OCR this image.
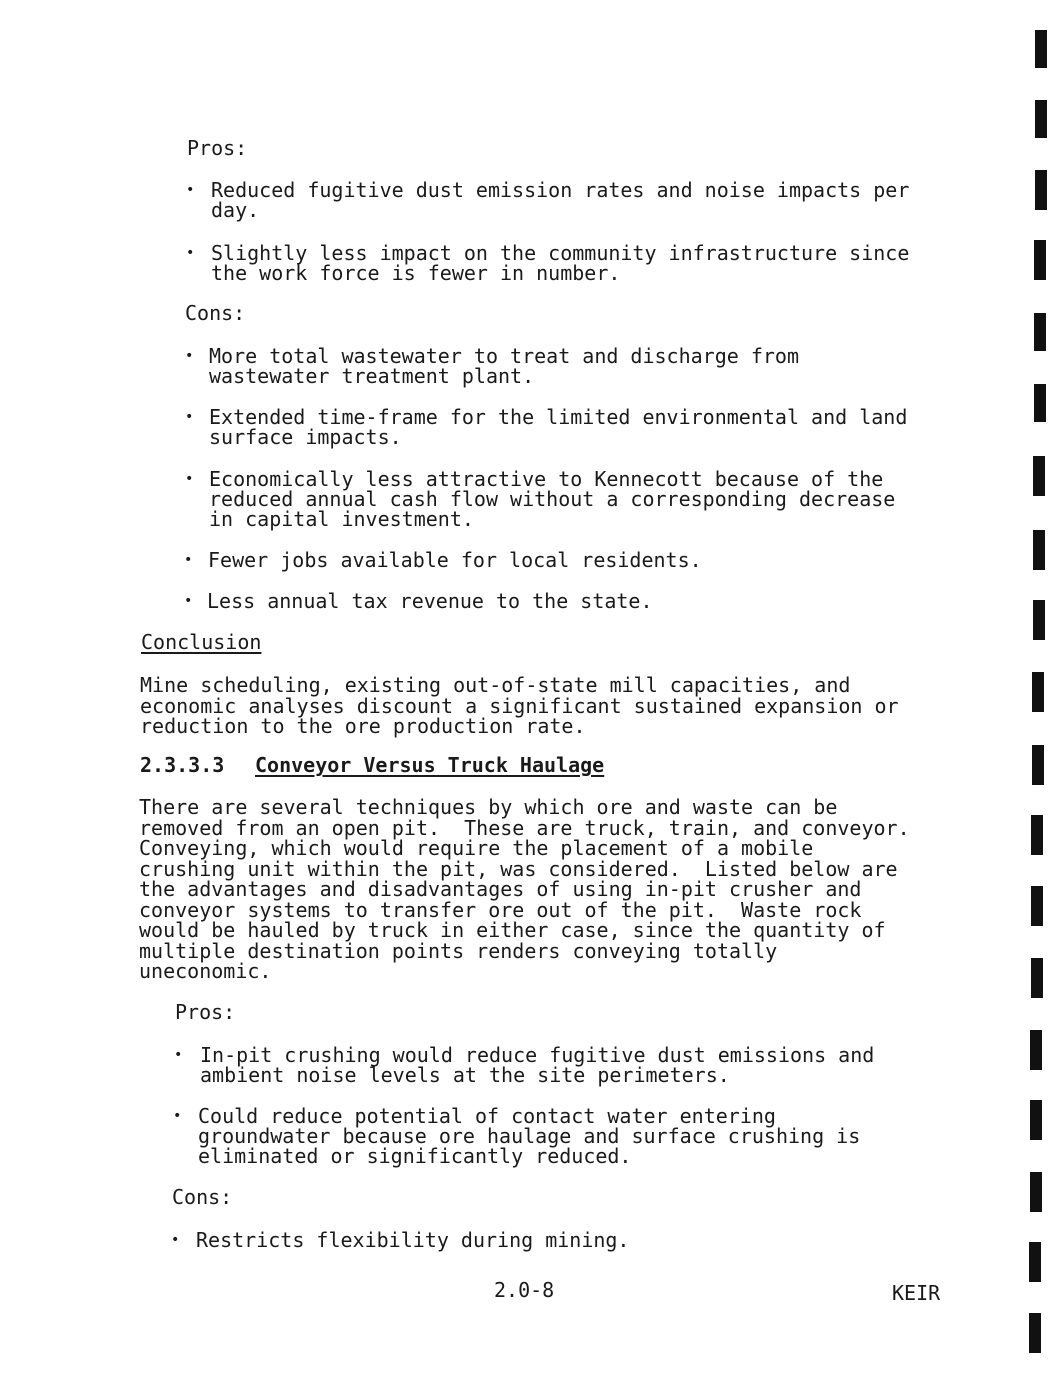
Pros:
• Reduced fugitive dust emission rates and noise impacts per
day.
• Slightly less impact on the community infrastructure since
the work force is fewer in number.
Cons:
• More total wastewater to treat and discharge from
wastewater treatment plant.
• Extended time-frame for the limited environmental and land
surface impacts.
• Economically less attractive to Kennecott because of the
reduced annual cash flow without a corresponding decrease
in capital investment.
• Fewer jobs available for local residents.
• Less annual tax revenue to the state.
Conclusion
Mine scheduling, existing out-of-state mill capacities, and
economic analyses discount a significant sustained expansion or
reduction to the ore production rate.
2.3.3.3 Conveyor Versus Truck Haulage
There are several techniques by which ore and waste can be
removed from an open pit.  These are truck, train, and conveyor.
Conveying, which would require the placement of a mobile
crushing unit within the pit, was considered.  Listed below are
the advantages and disadvantages of using in-pit crusher and
conveyor systems to transfer ore out of the pit.  Waste rock
would be hauled by truck in either case, since the quantity of
multiple destination points renders conveying totally
uneconomic.
Pros:
• In-pit crushing would reduce fugitive dust emissions and
ambient noise levels at the site perimeters.
• Could reduce potential of contact water entering
groundwater because ore haulage and surface crushing is
eliminated or significantly reduced.
Cons:
• Restricts flexibility during mining.
2.0-8	KEIR
